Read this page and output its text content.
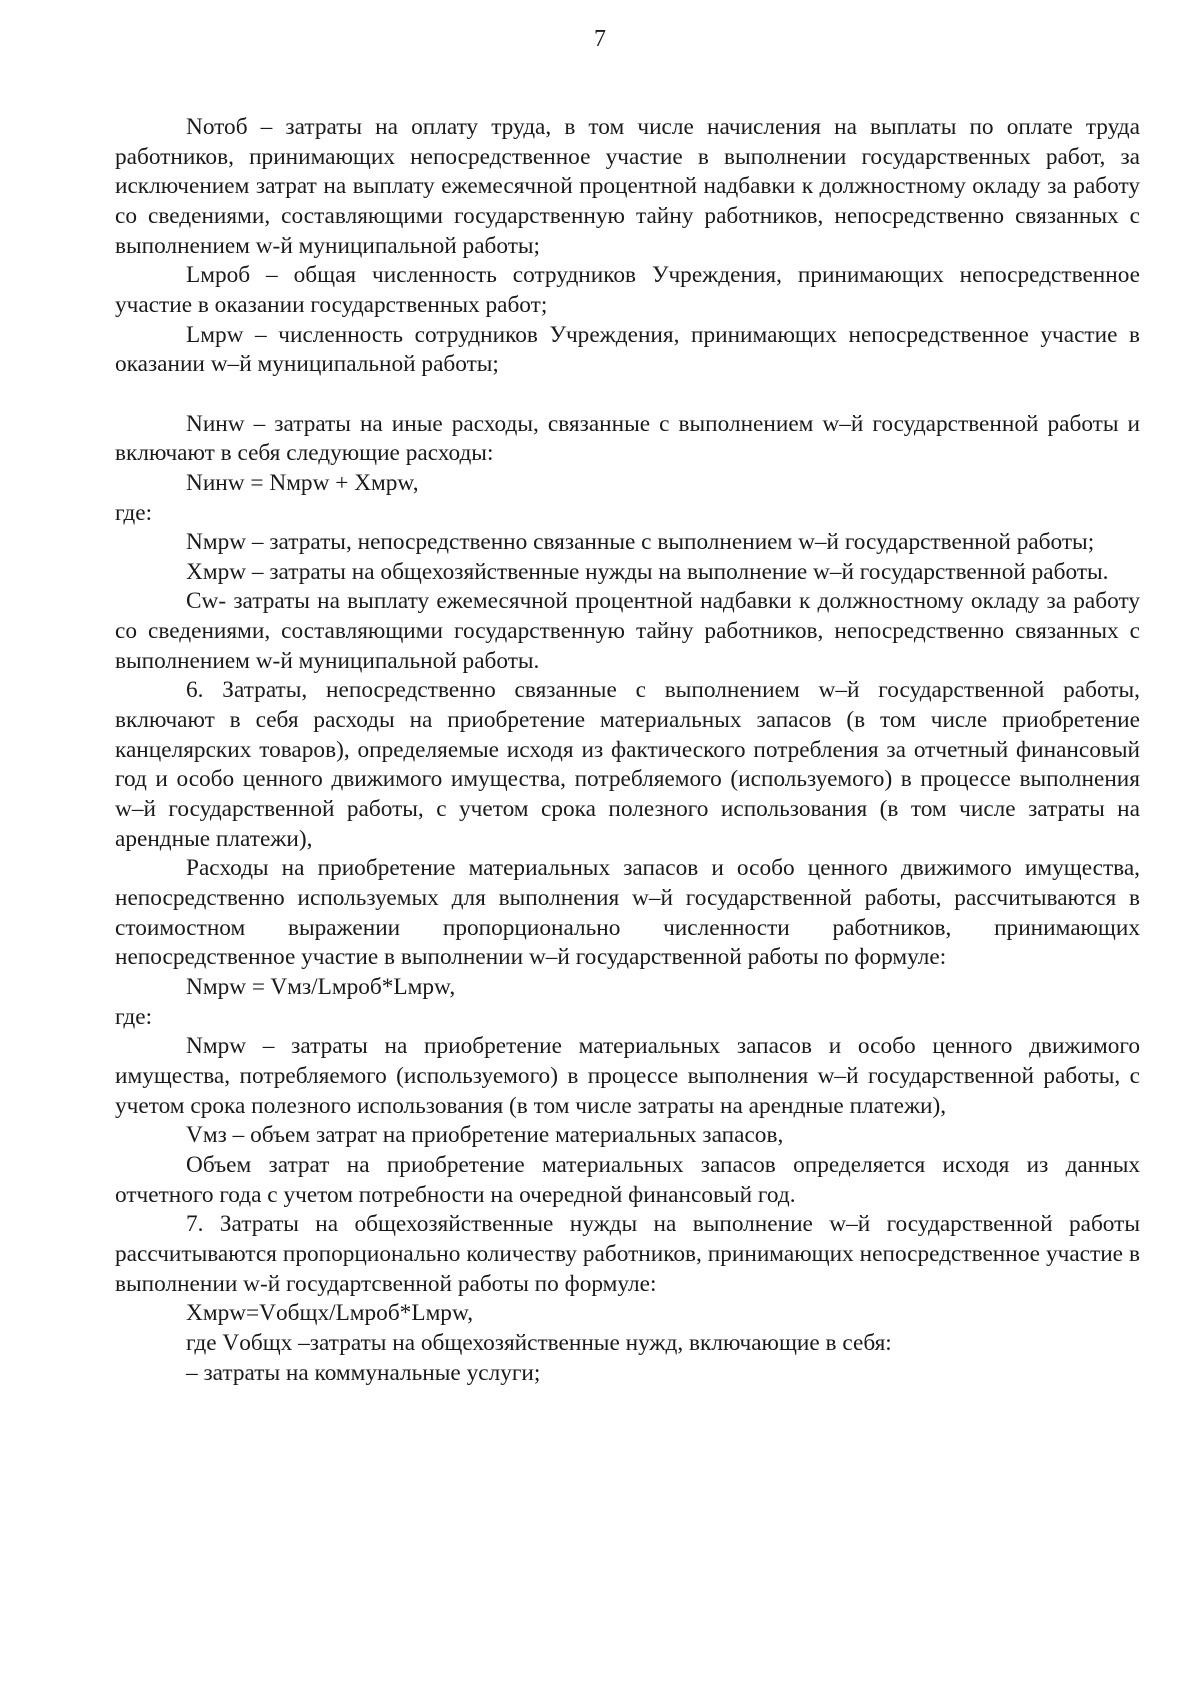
7

Nотоб – затраты на оплату труда, в том числе начисления на выплаты по оплате труда работников, принимающих непосредственное участие в выполнении государственных работ, за исключением затрат на выплату ежемесячной процентной надбавки к должностному окладу за работу со сведениями, составляющими государственную тайну работников, непосредственно связанных с выполнением w-й муниципальной работы;

Lмроб – общая численность сотрудников Учреждения, принимающих непосредственное участие в оказании государственных работ;

Lмрw – численность сотрудников Учреждения, принимающих непосредственное участие в оказании w–й муниципальной работы;

Nинw – затраты на иные расходы, связанные с выполнением w–й государственной работы и включают в себя следующие расходы:

Nинw = Nмрw + Xмрw,

где:

Nмрw – затраты, непосредственно связанные с выполнением w–й государственной работы;

Xмрw – затраты на общехозяйственные нужды на выполнение w–й государственной работы.

Cw- затраты на выплату ежемесячной процентной надбавки к должностному окладу за работу со сведениями, составляющими государственную тайну работников, непосредственно связанных с выполнением w-й муниципальной работы.

6. Затраты, непосредственно связанные с выполнением w–й государственной работы, включают в себя расходы на приобретение материальных запасов (в том числе приобретение канцелярских товаров), определяемые исходя из фактического потребления за отчетный финансовый год и особо ценного движимого имущества, потребляемого (используемого) в процессе выполнения w–й государственной работы, с учетом срока полезного использования (в том числе затраты на арендные платежи),

Расходы на приобретение материальных запасов и особо ценного движимого имущества, непосредственно используемых для выполнения w–й государственной работы, рассчитываются в стоимостном выражении пропорционально численности работников, принимающих непосредственное участие в выполнении w–й государственной работы по формуле:

Nмрw = Vмз/Lмроб*Lмрw,

где:

Nмрw – затраты на приобретение материальных запасов и особо ценного движимого имущества, потребляемого (используемого) в процессе выполнения w–й государственной работы, с учетом срока полезного использования (в том числе затраты на арендные платежи),

Vмз – объем затрат на приобретение материальных запасов,

Объем затрат на приобретение материальных запасов определяется исходя из данных отчетного года с учетом потребности на очередной финансовый год.

7. Затраты на общехозяйственные нужды на выполнение w–й государственной работы рассчитываются пропорционально количеству работников, принимающих непосредственное участие в выполнении w-й государтсвенной работы по формуле:

Xмрw=Vобщх/Lмроб*Lмрw,

где Vобщх –затраты на общехозяйственные нужд, включающие в себя:

– затраты на коммунальные услуги;
